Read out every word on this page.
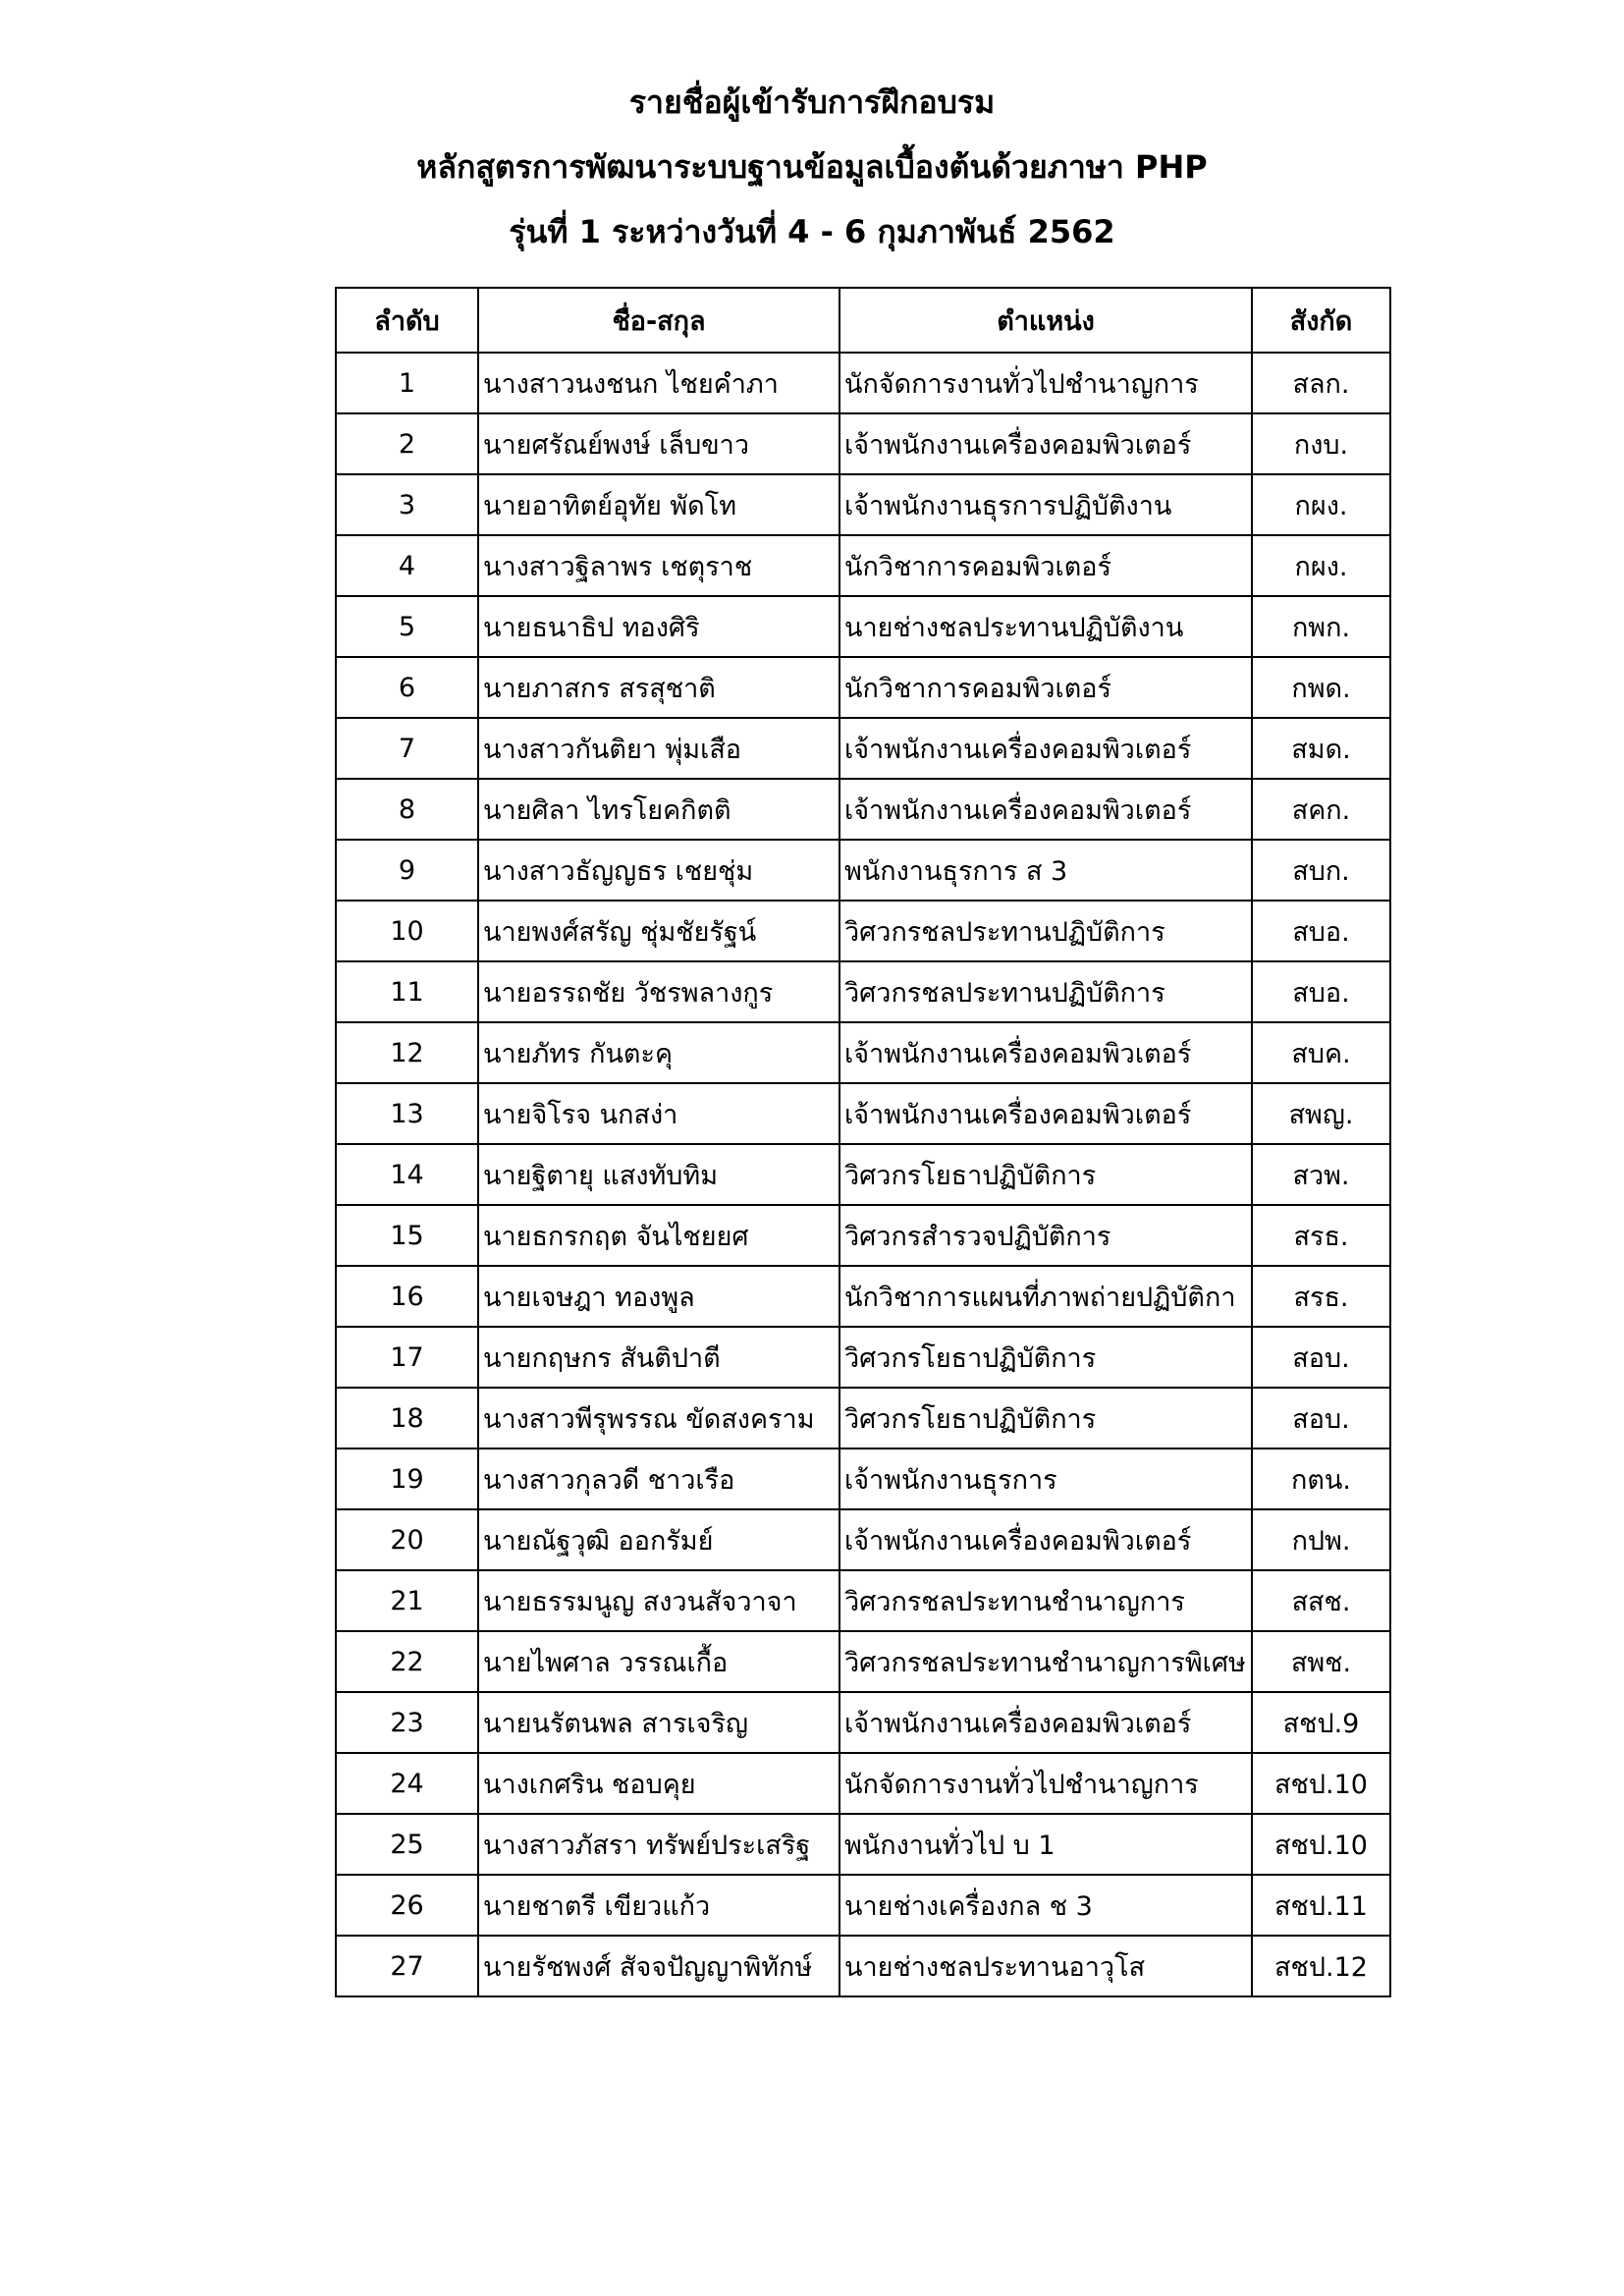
รายชื่อผู้เข้ารับการฝึกอบรม
หลักสูตรการพัฒนาระบบฐานข้อมูลเบื้องต้นด้วยภาษา PHP
รุ่นที่ 1 ระหว่างวันที่ 4 - 6 กุมภาพันธ์ 2562
ลำดับ	ชื่อ-สกุล	ตำแหน่ง	สังกัด
1	นางสาวนงชนก ไชยคำภา	นักจัดการงานทั่วไปชำนาญการ	สลก.
2	นายศรัณย์พงษ์ เล็บขาว	เจ้าพนักงานเครื่องคอมพิวเตอร์	กงบ.
3	นายอาทิตย์อุทัย พัดโท	เจ้าพนักงานธุรการปฏิบัติงาน	กผง.
4	นางสาวฐิลาพร เชตุราช	นักวิชาการคอมพิวเตอร์	กผง.
5	นายธนาธิป ทองศิริ	นายช่างชลประทานปฏิบัติงาน	กพก.
6	นายภาสกร สรสุชาติ	นักวิชาการคอมพิวเตอร์	กพด.
7	นางสาวกันติยา พุ่มเสือ	เจ้าพนักงานเครื่องคอมพิวเตอร์	สมด.
8	นายศิลา ไทรโยคกิตติ	เจ้าพนักงานเครื่องคอมพิวเตอร์	สคก.
9	นางสาวธัญญธร เชยชุ่ม	พนักงานธุรการ ส 3	สบก.
10	นายพงศ์สรัญ ชุ่มชัยรัฐน์	วิศวกรชลประทานปฏิบัติการ	สบอ.
11	นายอรรถชัย วัชรพลางกูร	วิศวกรชลประทานปฏิบัติการ	สบอ.
12	นายภัทร กันตะคุ	เจ้าพนักงานเครื่องคอมพิวเตอร์	สบค.
13	นายจิโรจ นกสง่า	เจ้าพนักงานเครื่องคอมพิวเตอร์	สพญ.
14	นายฐิตายุ แสงทับทิม	วิศวกรโยธาปฏิบัติการ	สวพ.
15	นายธกรกฤต จันไชยยศ	วิศวกรสำรวจปฏิบัติการ	สรธ.
16	นายเจษฎา ทองพูล	นักวิชาการแผนที่ภาพถ่ายปฏิบัติกา	สรธ.
17	นายกฤษกร สันติปาตี	วิศวกรโยธาปฏิบัติการ	สอบ.
18	นางสาวพีรุพรรณ ขัดสงคราม	วิศวกรโยธาปฏิบัติการ	สอบ.
19	นางสาวกุลวดี ชาวเรือ	เจ้าพนักงานธุรการ	กตน.
20	นายณัฐวุฒิ ออกรัมย์	เจ้าพนักงานเครื่องคอมพิวเตอร์	กปพ.
21	นายธรรมนูญ สงวนสัจวาจา	วิศวกรชลประทานชำนาญการ	สสช.
22	นายไพศาล วรรณเกื้อ	วิศวกรชลประทานชำนาญการพิเศษ	สพช.
23	นายนรัตนพล สารเจริญ	เจ้าพนักงานเครื่องคอมพิวเตอร์	สชป.9
24	นางเกศริน ชอบคุย	นักจัดการงานทั่วไปชำนาญการ	สชป.10
25	นางสาวภัสรา ทรัพย์ประเสริฐ	พนักงานทั่วไป บ 1	สชป.10
26	นายชาตรี เขียวแก้ว	นายช่างเครื่องกล ช 3	สชป.11
27	นายรัชพงศ์ สัจจปัญญาพิทักษ์	นายช่างชลประทานอาวุโส	สชป.12
